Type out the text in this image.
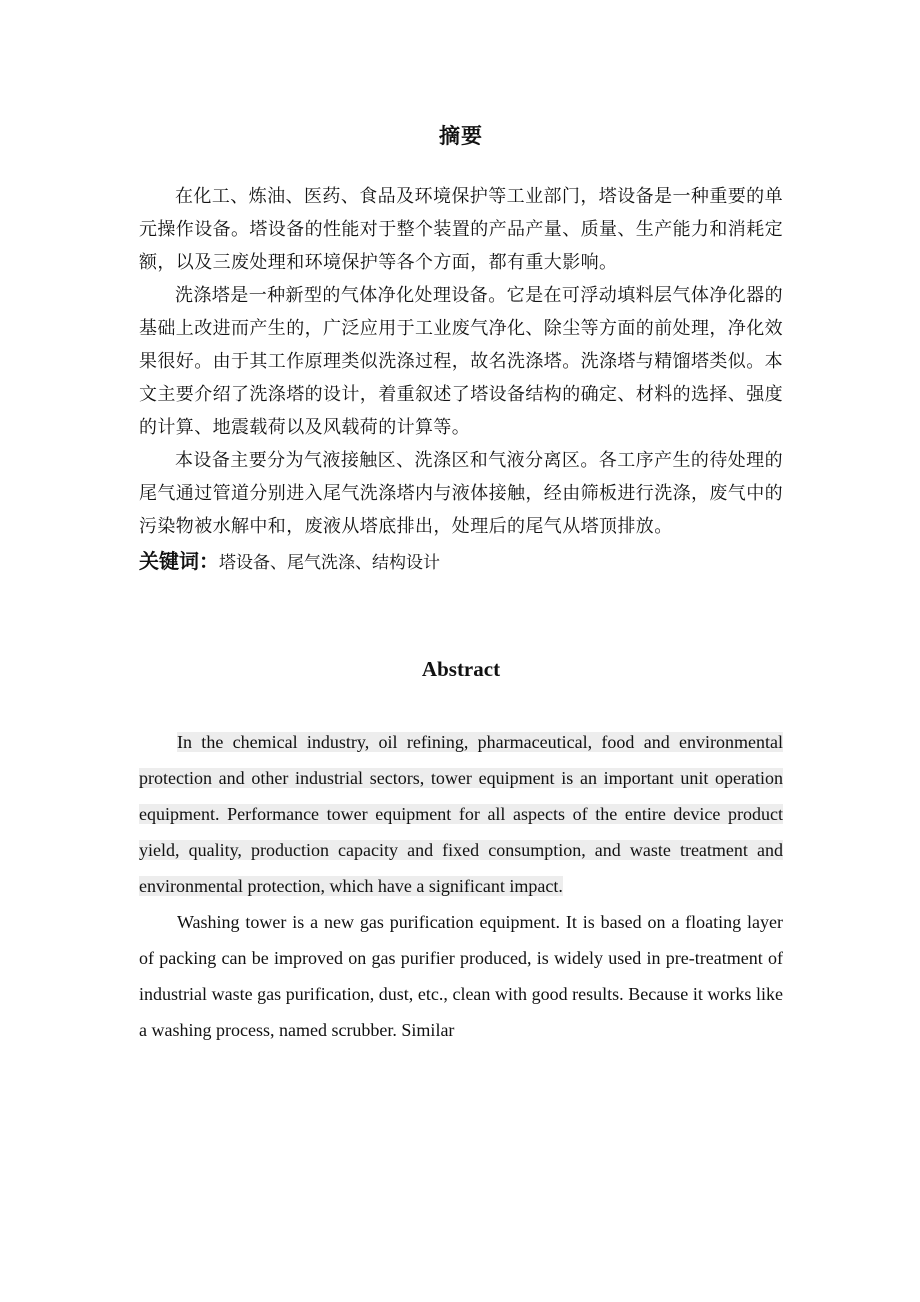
摘要

在化工、炼油、医药、食品及环境保护等工业部门，塔设备是一种重要的单元操作设备。塔设备的性能对于整个装置的产品产量、质量、生产能力和消耗定额，以及三废处理和环境保护等各个方面，都有重大影响。

洗涤塔是一种新型的气体净化处理设备。它是在可浮动填料层气体净化器的基础上改进而产生的，广泛应用于工业废气净化、除尘等方面的前处理，净化效果很好。由于其工作原理类似洗涤过程，故名洗涤塔。洗涤塔与精馏塔类似。本文主要介绍了洗涤塔的设计，着重叙述了塔设备结构的确定、材料的选择、强度的计算、地震载荷以及风载荷的计算等。

本设备主要分为气液接触区、洗涤区和气液分离区。各工序产生的待处理的尾气通过管道分别进入尾气洗涤塔内与液体接触，经由筛板进行洗涤，废气中的污染物被水解中和，废液从塔底排出，处理后的尾气从塔顶排放。

关键词：塔设备、尾气洗涤、结构设计
Abstract

In the chemical industry, oil refining, pharmaceutical, food and environmental protection and other industrial sectors, tower equipment is an important unit operation equipment. Performance tower equipment for all aspects of the entire device product yield, quality, production capacity and fixed consumption, and waste treatment and environmental protection, which have a significant impact.

Washing tower is a new gas purification equipment. It is based on a floating layer of packing can be improved on gas purifier produced, is widely used in pre-treatment of industrial waste gas purification, dust, etc., clean with good results. Because it works like a washing process, named scrubber. Similar
